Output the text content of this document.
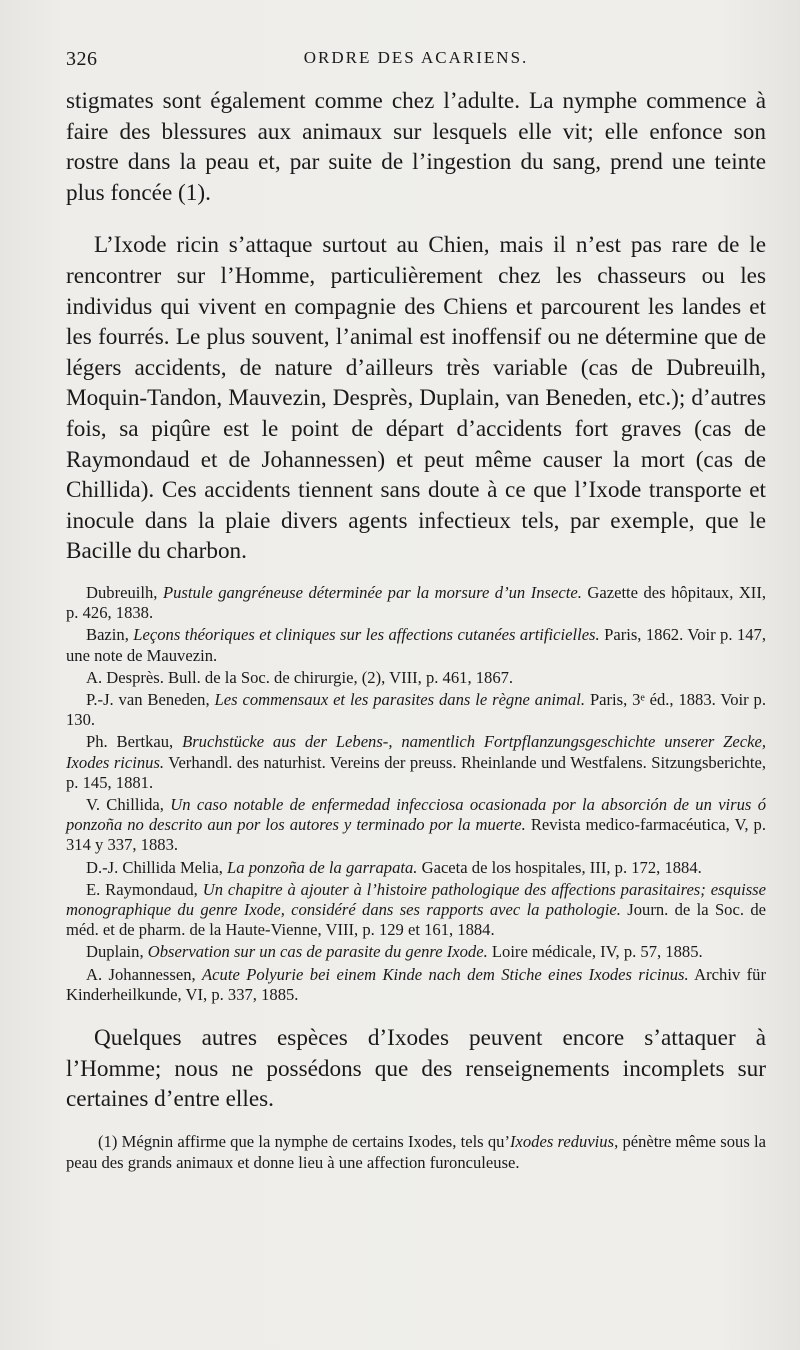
326	ORDRE DES ACARIENS.

stigmates sont également comme chez l’adulte. La nymphe commence à faire des blessures aux animaux sur lesquels elle vit; elle enfonce son rostre dans la peau et, par suite de l’ingestion du sang, prend une teinte plus foncée (1).

L’Ixode ricin s’attaque surtout au Chien, mais il n’est pas rare de le rencontrer sur l’Homme, particulièrement chez les chasseurs ou les individus qui vivent en compagnie des Chiens et parcourent les landes et les fourrés. Le plus souvent, l’animal est inoffensif ou ne détermine que de légers accidents, de nature d’ailleurs très variable (cas de Dubreuilh, Moquin-Tandon, Mauvezin, Desprès, Duplain, van Beneden, etc.); d’autres fois, sa piqûre est le point de départ d’accidents fort graves (cas de Raymondaud et de Johannessen) et peut même causer la mort (cas de Chillida). Ces accidents tiennent sans doute à ce que l’Ixode transporte et inocule dans la plaie divers agents infectieux tels, par exemple, que le Bacille du charbon.

Dubreuilh, Pustule gangréneuse déterminée par la morsure d’un Insecte. Gazette des hôpitaux, XII, p. 426, 1838.

Bazin, Leçons théoriques et cliniques sur les affections cutanées artificielles. Paris, 1862. Voir p. 147, une note de Mauvezin.

A. Desprès. Bull. de la Soc. de chirurgie, (2), VIII, p. 461, 1867.

P.-J. van Beneden, Les commensaux et les parasites dans le règne animal. Paris, 3ᵉ éd., 1883. Voir p. 130.

Ph. Bertkau, Bruchstücke aus der Lebens-, namentlich Fortpflanzungsgeschichte unserer Zecke, Ixodes ricinus. Verhandl. des naturhist. Vereins der preuss. Rheinlande und Westfalens. Sitzungsberichte, p. 145, 1881.

V. Chillida, Un caso notable de enfermedad infecciosa ocasionada por la absorción de un virus ó ponzoña no descrito aun por los autores y terminado por la muerte. Revista medico-farmacéutica, V, p. 314 y 337, 1883.

D.-J. Chillida Melia, La ponzoña de la garrapata. Gaceta de los hospitales, III, p. 172, 1884.

E. Raymondaud, Un chapitre à ajouter à l’histoire pathologique des affections parasitaires; esquisse monographique du genre Ixode, considéré dans ses rapports avec la pathologie. Journ. de la Soc. de méd. et de pharm. de la Haute-Vienne, VIII, p. 129 et 161, 1884.

Duplain, Observation sur un cas de parasite du genre Ixode. Loire médicale, IV, p. 57, 1885.

A. Johannessen, Acute Polyurie bei einem Kinde nach dem Stiche eines Ixodes ricinus. Archiv für Kinderheilkunde, VI, p. 337, 1885.

Quelques autres espèces d’Ixodes peuvent encore s’attaquer à l’Homme; nous ne possédons que des renseignements incomplets sur certaines d’entre elles.

(1) Mégnin affirme que la nymphe de certains Ixodes, tels qu’Ixodes reduvius, pénètre même sous la peau des grands animaux et donne lieu à une affection furonculeuse.
